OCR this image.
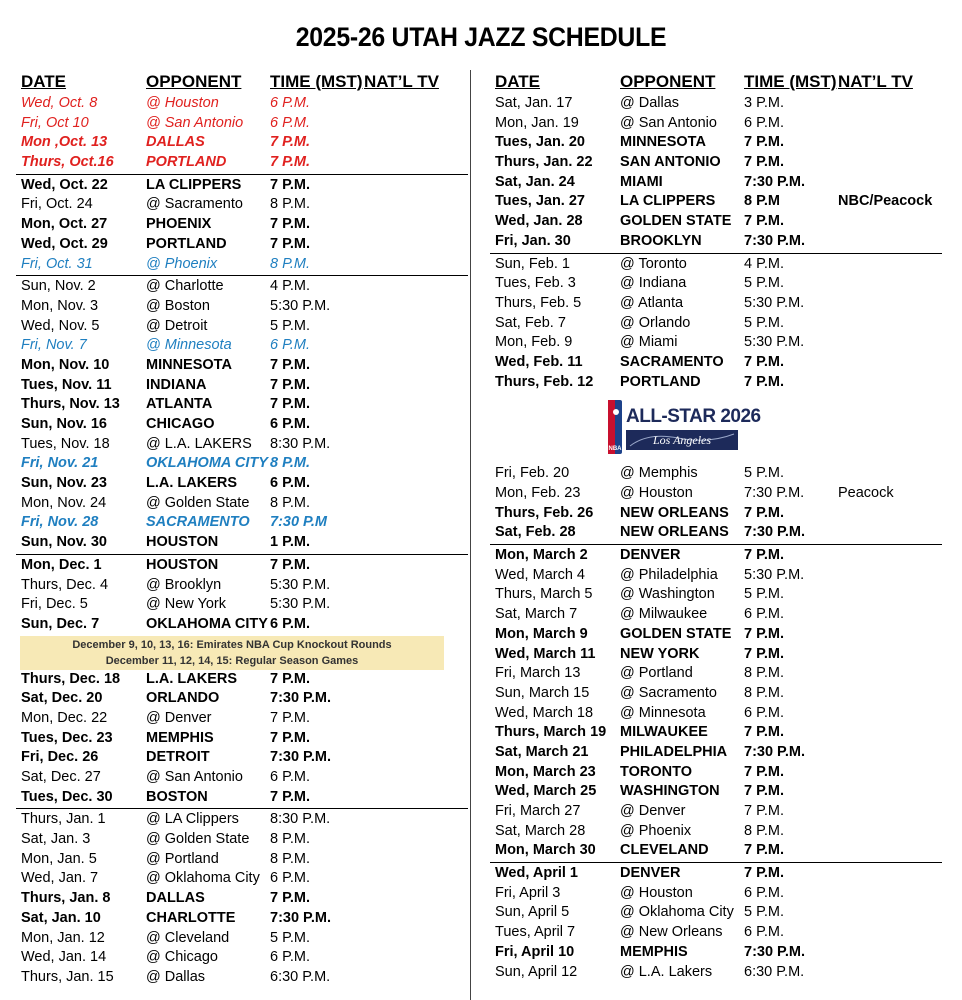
2025-26 UTAH JAZZ SCHEDULE
DATE	OPPONENT TIME (MST) NAT’L TV
Wed, Oct. 8	@ Houston	6 P.M.
Fri, Oct 10	@ San Antonio 6 P.M.
Mon ,Oct. 13	DALLAS	7 P.M.
Thurs, Oct.16 PORTLAND	7 P.M.
Wed, Oct. 22	LA CLIPPERS 7 P.M.
Fri, Oct. 24	@ Sacramento 8 P.M.
Mon, Oct. 27	PHOENIX	7 P.M.
Wed, Oct. 29	PORTLAND	7 P.M.
Fri, Oct. 31	@ Phoenix	8 P.M.
Sun, Nov. 2	@ Charlotte	4 P.M.
Mon, Nov. 3	@ Boston	5:30 P.M.
Wed, Nov. 5	@ Detroit	5 P.M.
Fri, Nov. 7	@ Minnesota	6 P.M.
Mon, Nov. 10	MINNESOTA	7 P.M.
Tues, Nov. 11 INDIANA	7 P.M.
Thurs, Nov. 13 ATLANTA	7 P.M.
Sun, Nov. 16	CHICAGO	6 P.M.
Tues, Nov. 18	@ L.A. LAKERS 8:30 P.M.
Fri, Nov. 21	OKLAHOMA CITY 8 P.M.
Sun, Nov. 23	L.A. LAKERS 6 P.M.
Mon, Nov. 24	@ Golden State 8 P.M.
Fri, Nov. 28	SACRAMENTO 7:30 P.M
Sun, Nov. 30	HOUSTON	1 P.M.
Mon, Dec. 1	HOUSTON	7 P.M.
Thurs, Dec. 4	@ Brooklyn	5:30 P.M.
Fri, Dec. 5	@ New York	5:30 P.M.
Sun, Dec. 7	OKLAHOMA CITY 6 P.M.
December 9, 10, 13, 16: Emirates NBA Cup Knockout Rounds
December 11, 12, 14, 15: Regular Season Games
Thurs, Dec. 18 L.A. LAKERS 7 P.M.
Sat, Dec. 20	ORLANDO	7:30 P.M.
Mon, Dec. 22	@ Denver	7 P.M.
Tues, Dec. 23 MEMPHIS	7 P.M.
Fri, Dec. 26	DETROIT	7:30 P.M.
Sat, Dec. 27	@ San Antonio 6 P.M.
Tues, Dec. 30 BOSTON	7 P.M.
Thurs, Jan. 1	@ LA Clippers 8:30 P.M.
Sat, Jan. 3	@ Golden State 8 P.M.
Mon, Jan. 5	@ Portland	8 P.M.
Wed, Jan. 7	@ Oklahoma City 6 P.M.
Thurs, Jan. 8 DALLAS	7 P.M.
Sat, Jan. 10	CHARLOTTE 7:30 P.M.
Mon, Jan. 12	@ Cleveland	5 P.M.
Wed, Jan. 14	@ Chicago	6 P.M.
Thurs, Jan. 15 @ Dallas	6:30 P.M.
DATE	OPPONENT TIME (MST) NAT’L TV
Sat, Jan. 17	@ Dallas	3 P.M.
Mon, Jan. 19	@ San Antonio 6 P.M.
Tues, Jan. 20 MINNESOTA	7 P.M.
Thurs, Jan. 22 SAN ANTONIO 7 P.M.
Sat, Jan. 24	MIAMI	7:30 P.M.
Tues, Jan. 27 LA CLIPPERS 8 P.M	NBC/Peacock
Wed, Jan. 28	GOLDEN STATE 7 P.M.
Fri, Jan. 30	BROOKLYN	7:30 P.M.
Sun, Feb. 1	@ Toronto	4 P.M.
Tues, Feb. 3	@ Indiana	5 P.M.
Thurs, Feb. 5	@ Atlanta	5:30 P.M.
Sat, Feb. 7	@ Orlando	5 P.M.
Mon, Feb. 9	@ Miami	5:30 P.M.
Wed, Feb. 11	SACRAMENTO 7 P.M.
Thurs, Feb. 12 PORTLAND	7 P.M.
NBA
ALL-STAR 2026
Los Angeles
Fri, Feb. 20	@ Memphis	5 P.M.
Mon, Feb. 23	@ Houston	7:30 P.M. Peacock
Thurs, Feb. 26 NEW ORLEANS 7 P.M.
Sat, Feb. 28	NEW ORLEANS 7:30 P.M.
Mon, March 2 DENVER	7 P.M.
Wed, March 4 @ Philadelphia 5:30 P.M.
Thurs, March 5 @ Washington 5 P.M.
Sat, March 7	@ Milwaukee	6 P.M.
Mon, March 9 GOLDEN STATE 7 P.M.
Wed, March 11 NEW YORK	7 P.M.
Fri, March 13	@ Portland	8 P.M.
Sun, March 15 @ Sacramento 8 P.M.
Wed, March 18 @ Minnesota	6 P.M.
Thurs, March 19 MILWAUKEE 7 P.M.
Sat, March 21 PHILADELPHIA 7:30 P.M.
Mon, March 23 TORONTO	7 P.M.
Wed, March 25 WASHINGTON 7 P.M.
Fri, March 27	@ Denver	7 P.M.
Sat, March 28 @ Phoenix	8 P.M.
Mon, March 30 CLEVELAND 7 P.M.
Wed, April 1	DENVER	7 P.M.
Fri, April 3	@ Houston	6 P.M.
Sun, April 5	@ Oklahoma City 5 P.M.
Tues, April 7	@ New Orleans 6 P.M.
Fri, April 10	MEMPHIS	7:30 P.M.
Sun, April 12	@ L.A. Lakers 6:30 P.M.
